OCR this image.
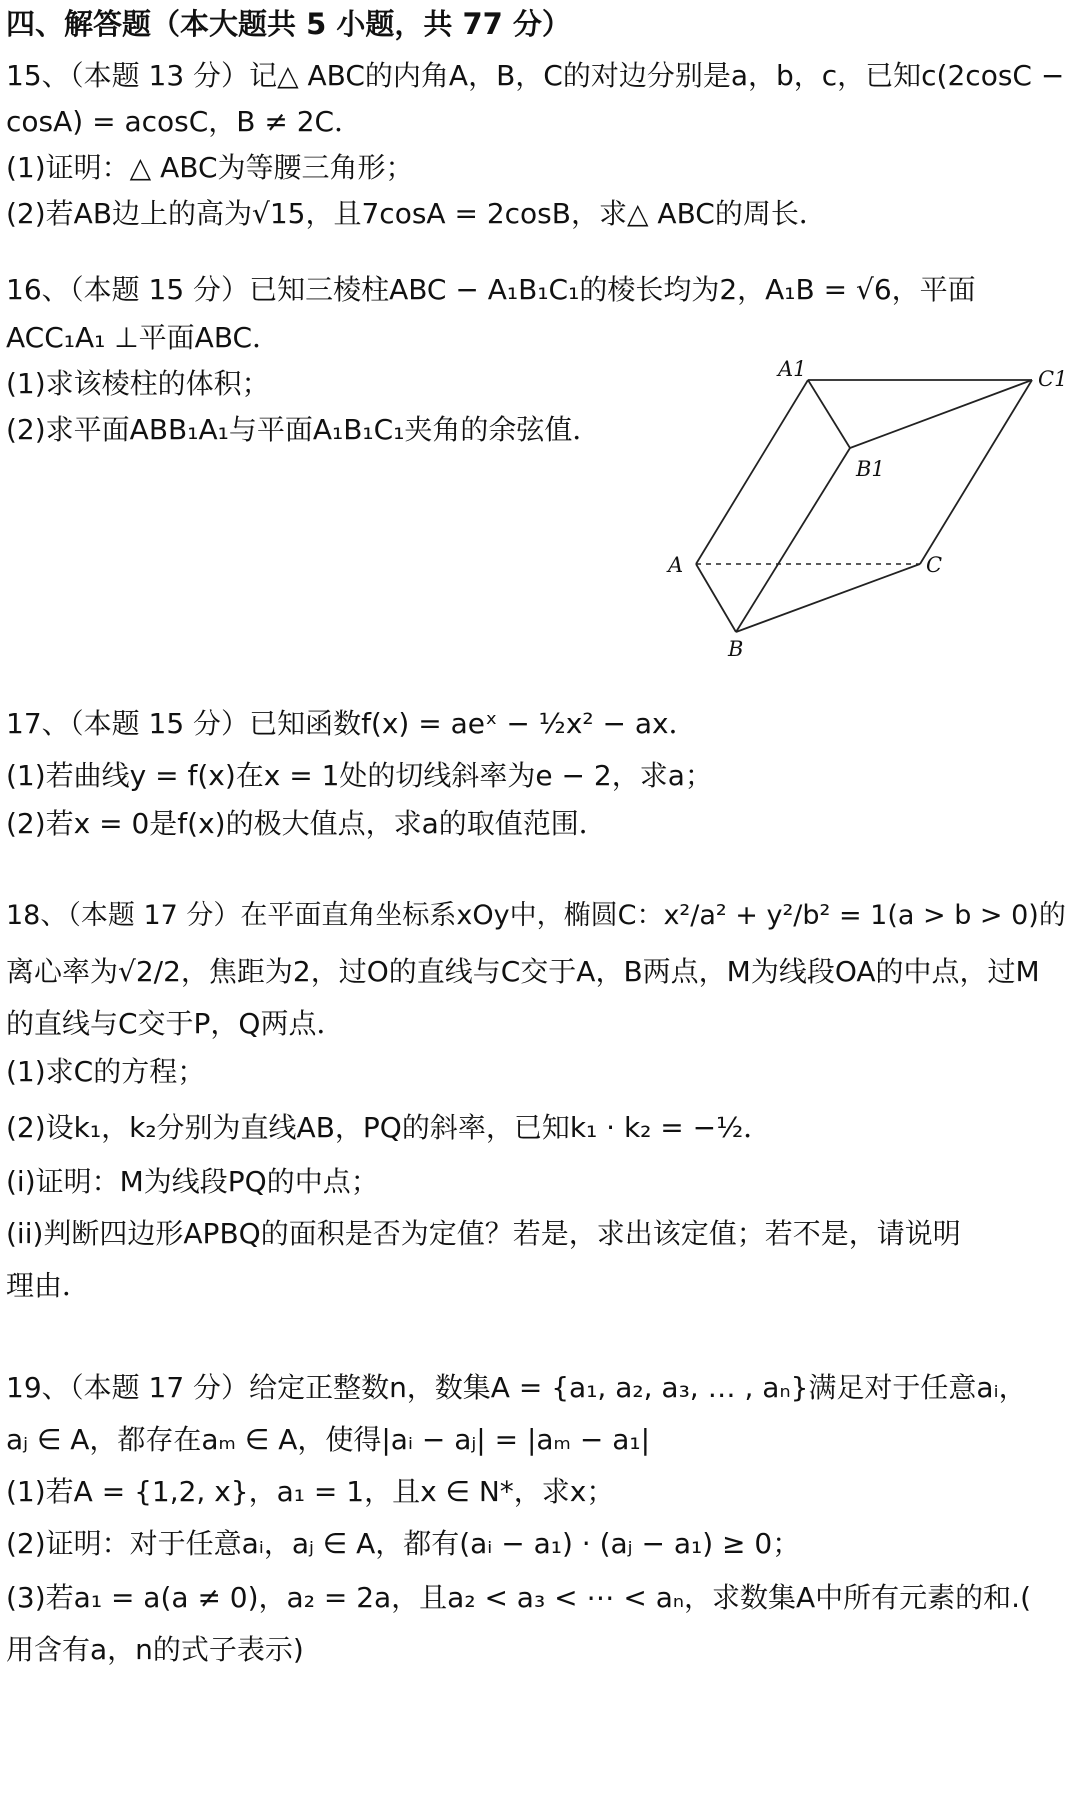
四、解答题（本大题共 5 小题，共 77 分）
15、（本题 13 分）记△ ABC的内角A，B，C的对边分别是a，b，c，已知c(2cosC −
cosA) = acosC，B ≠ 2C．
(1)证明：△ ABC为等腰三角形；
(2)若AB边上的高为√15，且7cosA = 2cosB，求△ ABC的周长．
16、（本题 15 分）已知三棱柱ABC − A₁B₁C₁的棱长均为2，A₁B = √6，平面
ACC₁A₁ ⊥平面ABC．
(1)求该棱柱的体积；
(2)求平面ABB₁A₁与平面A₁B₁C₁夹角的余弦值．
A1	C1
B1
A	C
B
17、（本题 15 分）已知函数f(x) = aeˣ − ½x² − ax．
(1)若曲线y = f(x)在x = 1处的切线斜率为e − 2，求a；
(2)若x = 0是f(x)的极大值点，求a的取值范围．
18、（本题 17 分）在平面直角坐标系xOy中，椭圆C：x²/a² + y²/b² = 1(a > b > 0)的
离心率为√2/2，焦距为2，过O的直线与C交于A，B两点，M为线段OA的中点，过M
的直线与C交于P，Q两点．
(1)求C的方程；
(2)设k₁，k₂分别为直线AB，PQ的斜率，已知k₁ · k₂ = −½．
(i)证明：M为线段PQ的中点；
(ii)判断四边形APBQ的面积是否为定值？若是，求出该定值；若不是，请说明
理由．
19、（本题 17 分）给定正整数n，数集A = {a₁, a₂, a₃, … , aₙ}满足对于任意aᵢ，
aⱼ ∈ A，都存在aₘ ∈ A，使得|aᵢ − aⱼ| = |aₘ − a₁|
(1)若A = {1,2, x}，a₁ = 1，且x ∈ N*，求x；
(2)证明：对于任意aᵢ，aⱼ ∈ A，都有(aᵢ − a₁) · (aⱼ − a₁) ≥ 0；
(3)若a₁ = a(a ≠ 0)，a₂ = 2a，且a₂ < a₃ < ⋯ < aₙ，求数集A中所有元素的和.(
用含有a，n的式子表示)
